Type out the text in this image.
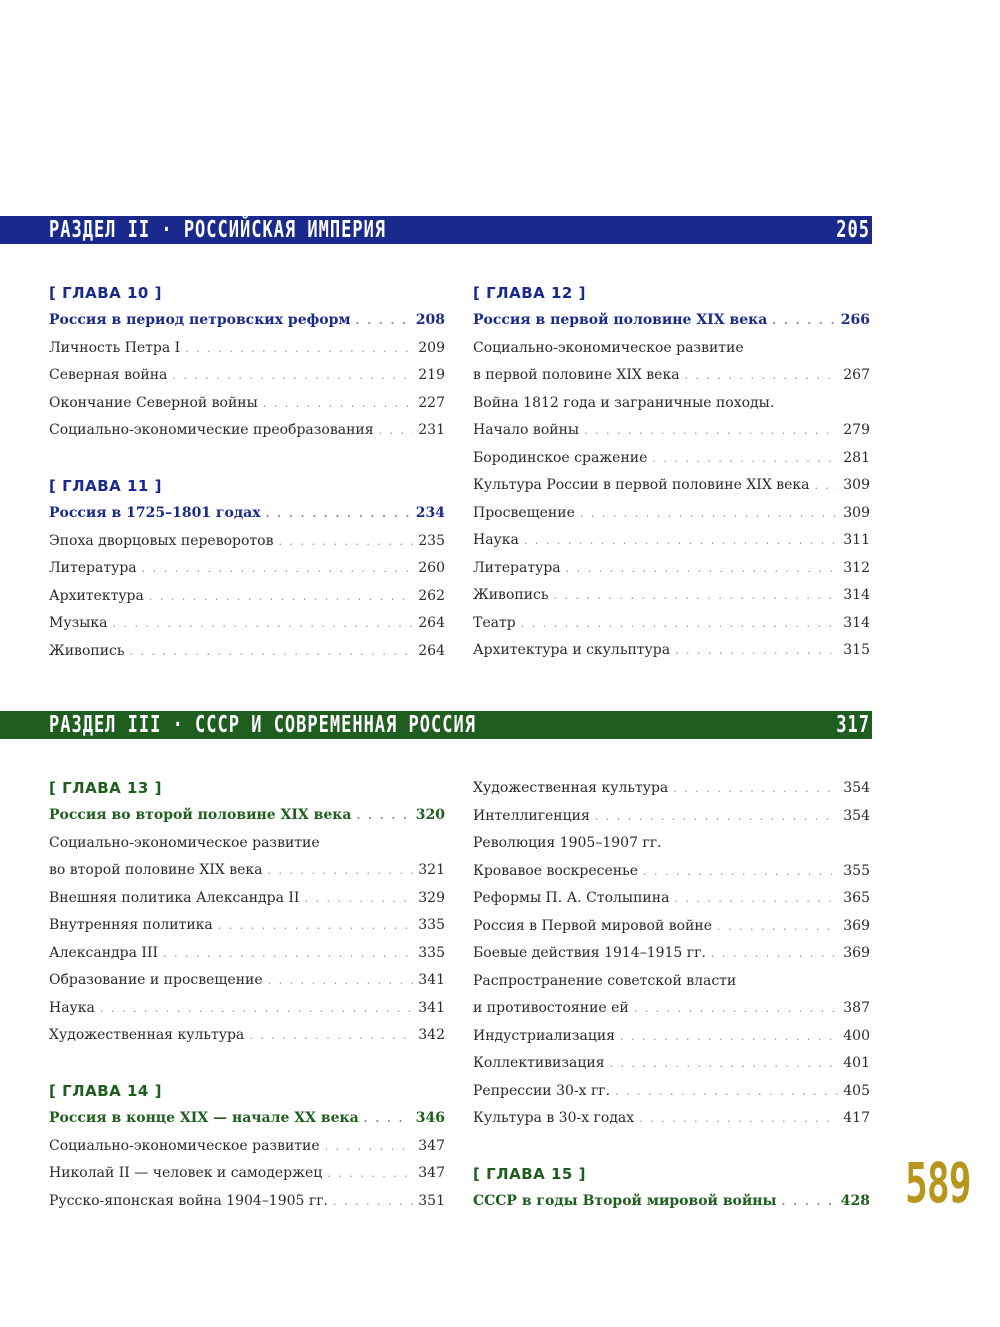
РАЗДЕЛ II · РОССИЙСКАЯ ИМПЕРИЯ	205
РАЗДЕЛ III · СССР И СОВРЕМЕННАЯ РОССИЯ	317
[ ГЛАВА 10 ]
Россия в период петровских реформ . . .	208
Личность Петра I . . .	209
Северная война . . .	219
Окончание Северной войны . . .	227
Социально-экономические преобразования . . .	231
[ ГЛАВА 11 ]
Россия в 1725–1801 годах . . .	234
Эпоха дворцовых переворотов . . .	235
Литература . . .	260
Архитектура . . .	262
Музыка . . .	264
Живопись . . .	264
[ ГЛАВА 12 ]
Россия в первой половине XIX века . . .	266
Социально-экономическое развитие
в первой половине XIX века . . .	267
Война 1812 года и заграничные походы.
Начало войны . . .	279
Бородинское сражение . . .	281
Культура России в первой половине XIX века . . . 309
Просвещение . . .	309
Наука . . .	311
Литература . . .	312
Живопись . . .	314
Театр . . .	314
Архитектура и скульптура . . .	315
[ ГЛАВА 13 ]
Россия во второй половине XIX века . . .	320
Социально-экономическое развитие
во второй половине XIX века . . .	321
Внешняя политика Александра II . . .	329
Внутренняя политика . . .	335
Александра III . . .	335
Образование и просвещение . . .	341
Наука . . .	341
Художественная культура . . .	342
[ ГЛАВА 14 ]
Россия в конце XIX — начале XX века . . .	346
Социально-экономическое развитие . . .	347
Николай II — человек и самодержец . . .	347
Русско-японская война 1904–1905 гг. . . .	351
Художественная культура . . .	354
Интеллигенция . . .	354
Революция 1905–1907 гг.
Кровавое воскресенье . . .	355
Реформы П. А. Столыпина . . .	365
Россия в Первой мировой войне . . .	369
Боевые действия 1914–1915 гг. . . .	369
Распространение советской власти
и противостояние ей . . .	387
Индустриализация . . .	400
Коллективизация . . .	401
Репрессии 30-х гг. . . .	405
Культура в 30-х годах . . .	417
[ ГЛАВА 15 ]
СССР в годы Второй мировой войны . . .	428 589
